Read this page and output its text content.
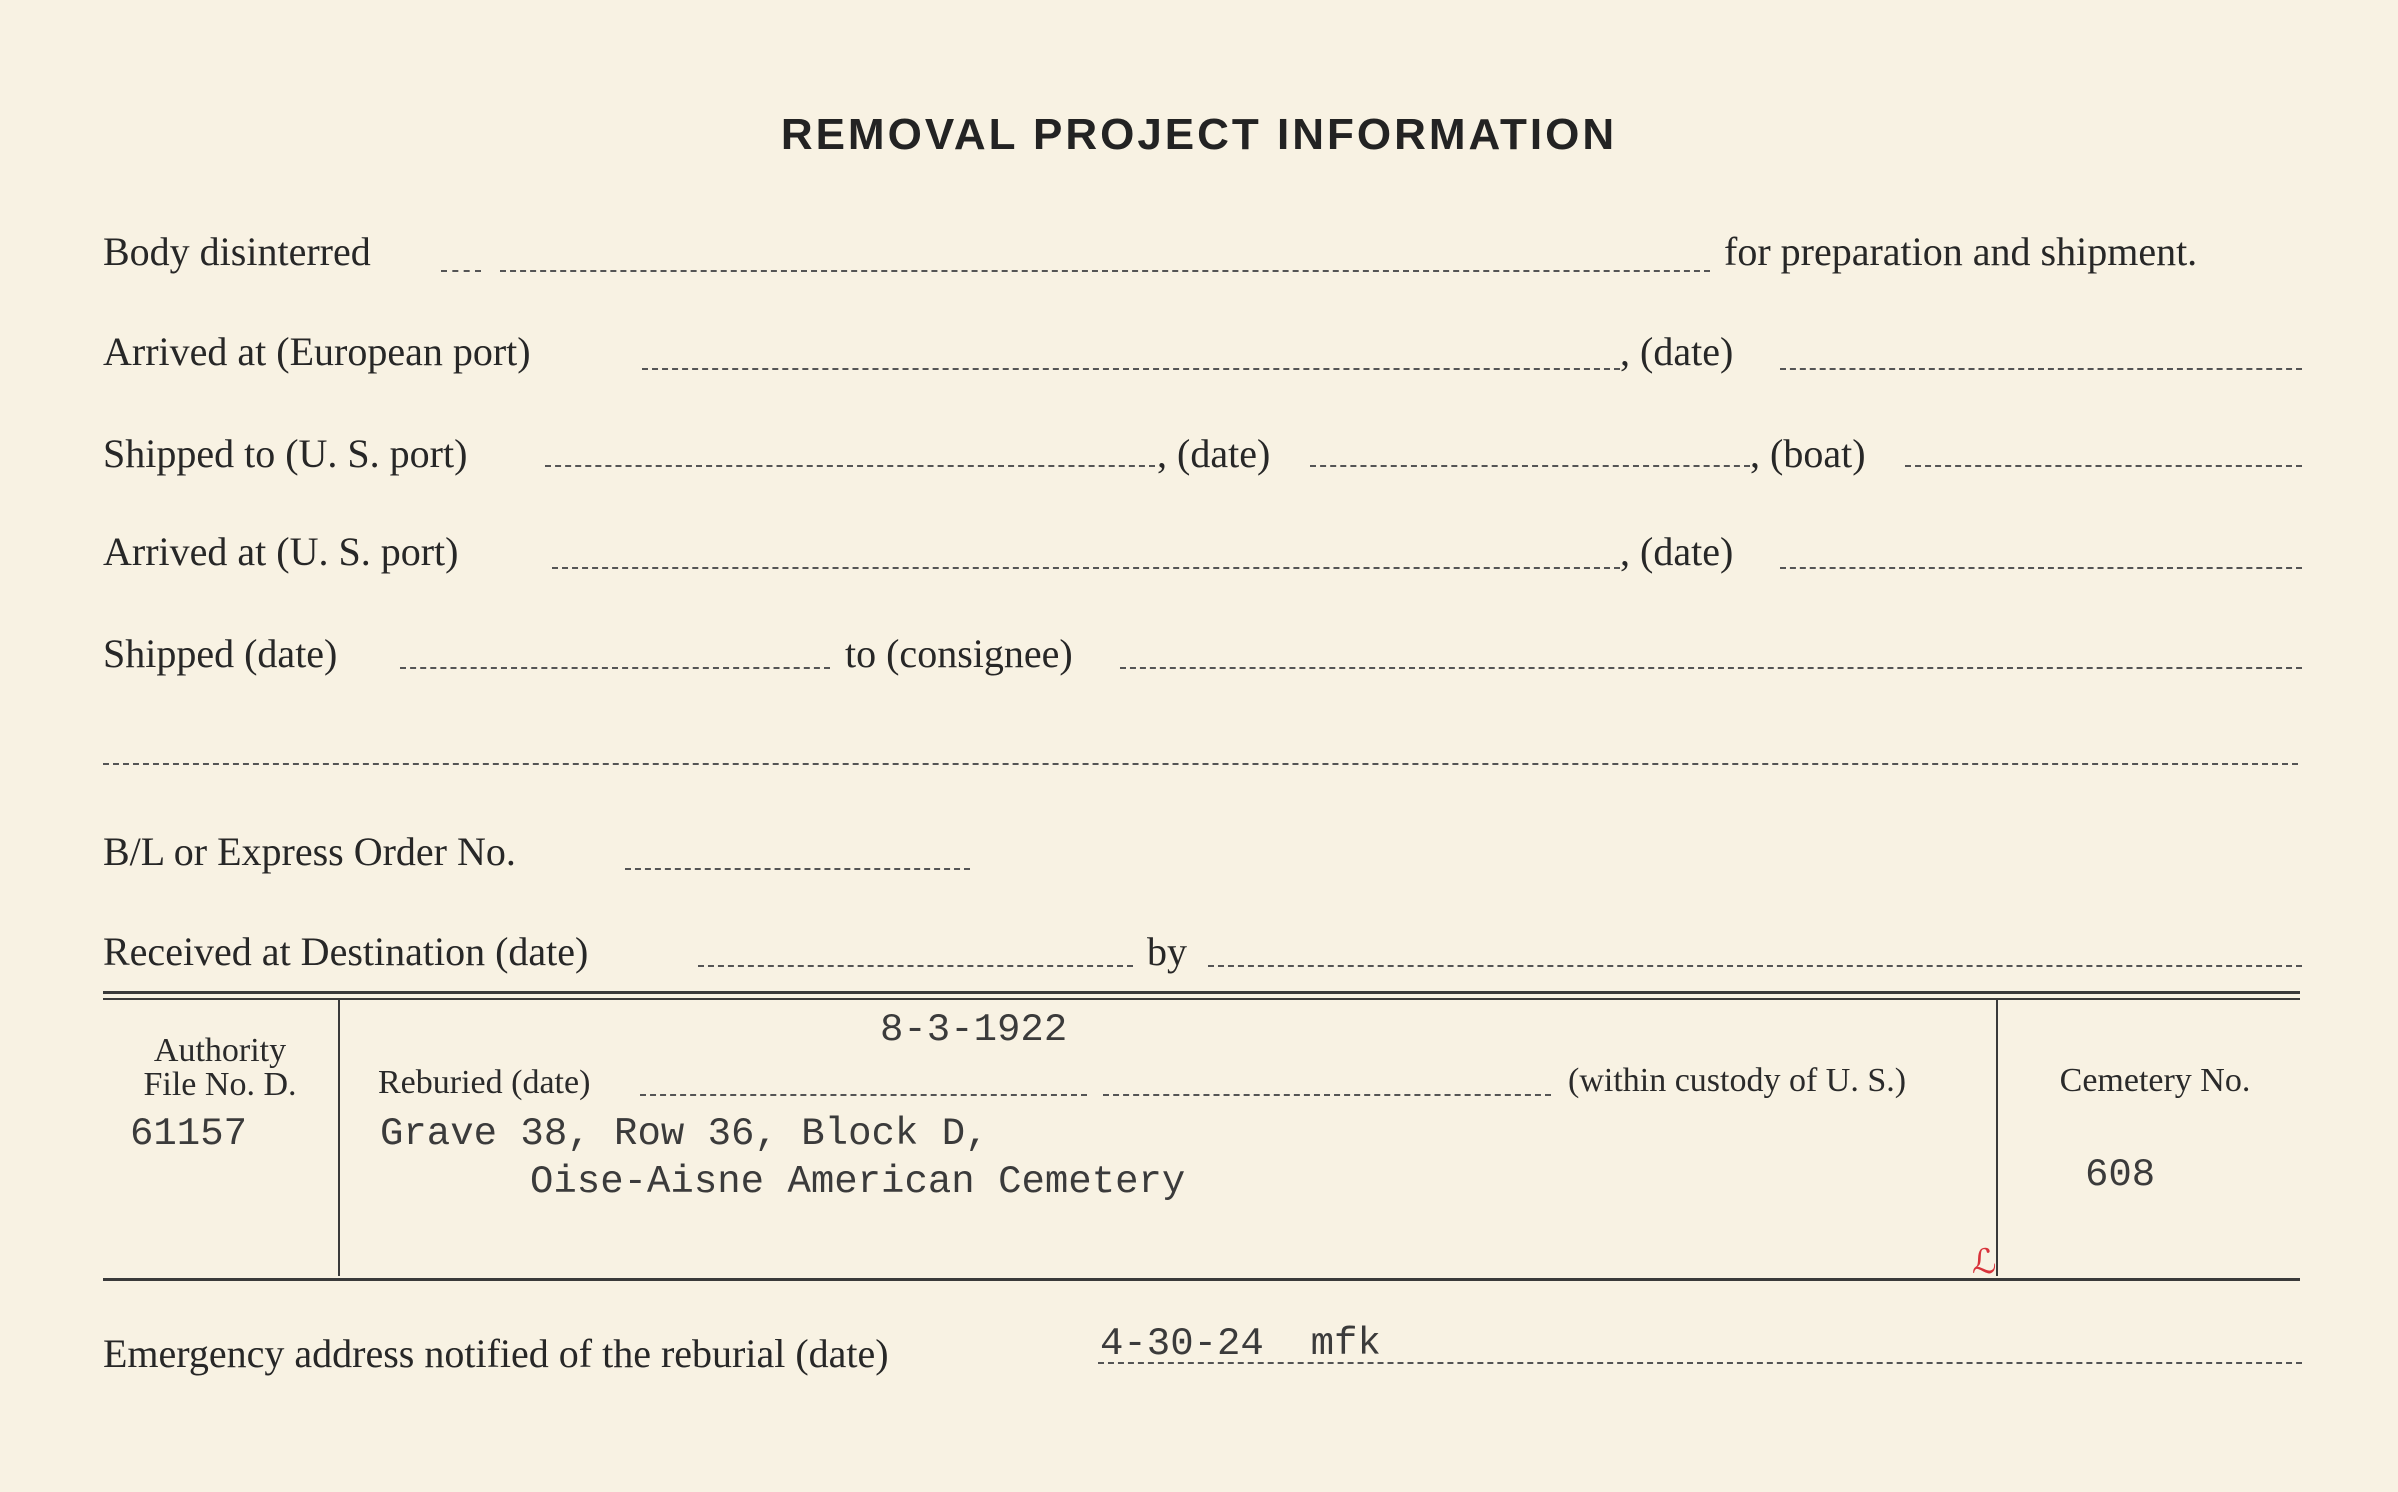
REMOVAL PROJECT INFORMATION
Body disinterred	for preparation and shipment.
Arrived at (European port)	, (date)
Shipped to (U. S. port)	, (date)	, (boat)
Arrived at (U. S. port)	, (date)
Shipped (date)	to (consignee)
B/L or Express Order No.
Received at Destination (date)	by
Authority
File No. D.
61157
8-3-1922
Reburied (date)	(within custody of U. S.)
Grave 38, Row 36, Block D,
Oise-Aisne American Cemetery
ℒ
Cemetery No.
608
Emergency address notified of the reburial (date)	4-30-24  mfk
